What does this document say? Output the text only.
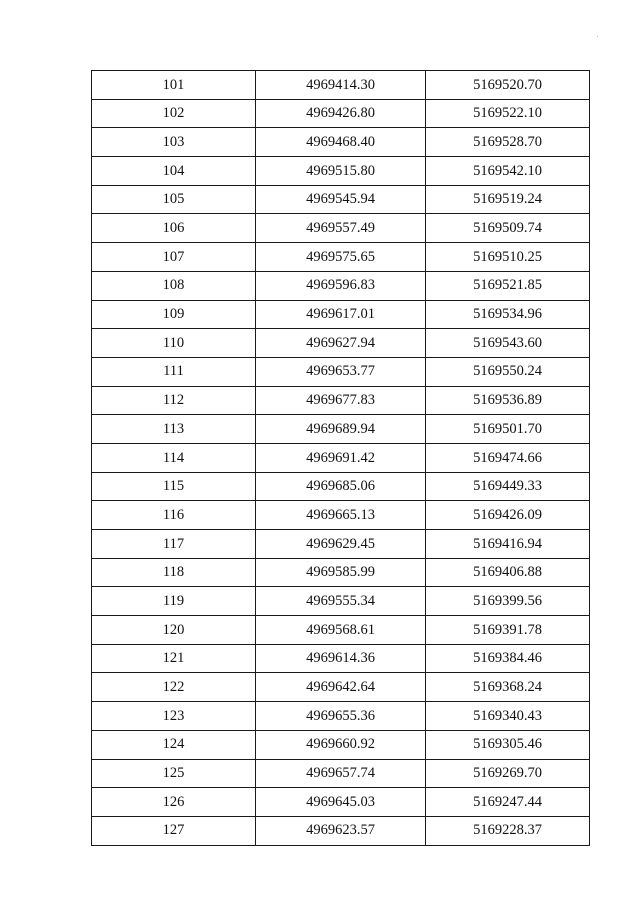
101	4969414.30	5169520.70
102	4969426.80	5169522.10
103	4969468.40	5169528.70
104	4969515.80	5169542.10
105	4969545.94	5169519.24
106	4969557.49	5169509.74
107	4969575.65	5169510.25
108	4969596.83	5169521.85
109	4969617.01	5169534.96
110	4969627.94	5169543.60
111	4969653.77	5169550.24
112	4969677.83	5169536.89
113	4969689.94	5169501.70
114	4969691.42	5169474.66
115	4969685.06	5169449.33
116	4969665.13	5169426.09
117	4969629.45	5169416.94
118	4969585.99	5169406.88
119	4969555.34	5169399.56
120	4969568.61	5169391.78
121	4969614.36	5169384.46
122	4969642.64	5169368.24
123	4969655.36	5169340.43
124	4969660.92	5169305.46
125	4969657.74	5169269.70
126	4969645.03	5169247.44
127	4969623.57	5169228.37
